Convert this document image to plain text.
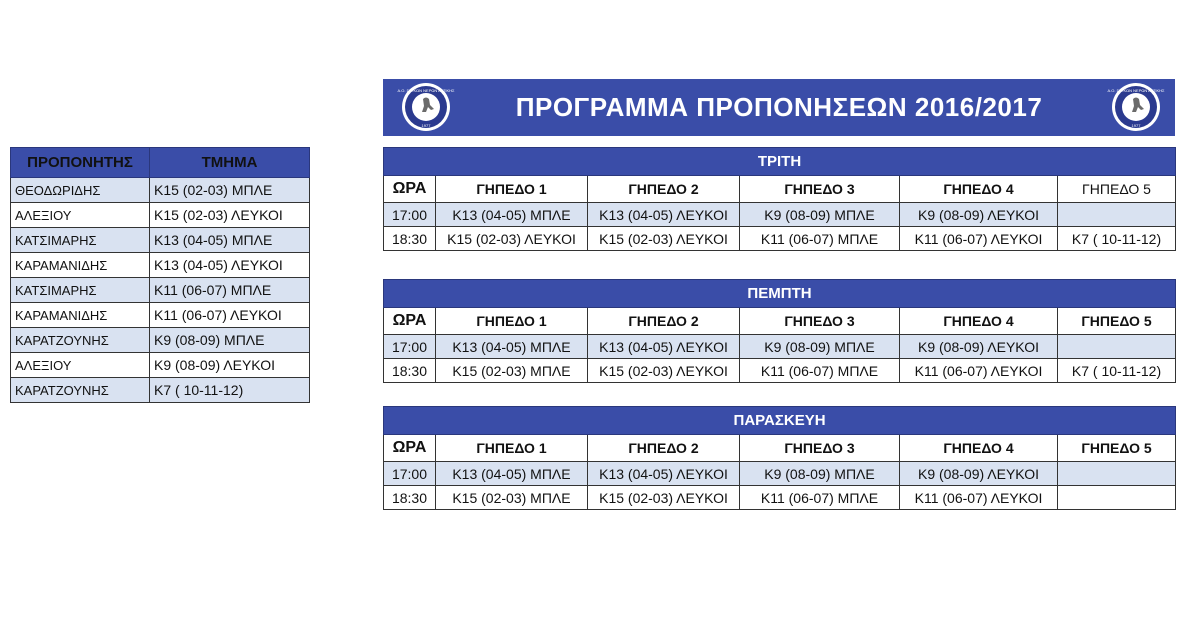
ΠΡΟΠΟΝΗΤΗΣ	ΤΜΗΜΑ
ΘΕΟΔΩΡΙΔΗΣ	Κ15 (02-03) ΜΠΛΕ
ΑΛΕΞΙΟΥ	Κ15 (02-03) ΛΕΥΚΟΙ
ΚΑΤΣΙΜΑΡΗΣ	Κ13 (04-05) ΜΠΛΕ
ΚΑΡΑΜΑΝΙΔΗΣ	Κ13 (04-05) ΛΕΥΚΟΙ
ΚΑΤΣΙΜΑΡΗΣ	Κ11 (06-07) ΜΠΛΕ
ΚΑΡΑΜΑΝΙΔΗΣ	Κ11 (06-07) ΛΕΥΚΟΙ
ΚΑΡΑΤΖΟΥΝΗΣ	Κ9 (08-09) ΜΠΛΕ
ΑΛΕΞΙΟΥ	Κ9 (08-09) ΛΕΥΚΟΙ
ΚΑΡΑΤΖΟΥΝΗΣ	Κ7 ( 10-11-12)
ΠΡΟΓΡΑΜΜΑ ΠΡΟΠΟΝΗΣΕΩΝ 2016/2017
Α.Ο. ΓΛΥΚΩΝ ΝΕΡΩΝ ΑΤΤΙΚΗΣ
1977
Α.Ο. ΓΛΥΚΩΝ ΝΕΡΩΝ ΑΤΤΙΚΗΣ
1977
ΤΡΙΤΗ					
ΩΡΑ	ΓΗΠΕΔΟ 1	ΓΗΠΕΔΟ 2	ΓΗΠΕΔΟ 3	ΓΗΠΕΔΟ 4	ΓΗΠΕΔΟ 5
17:00	Κ13 (04-05) ΜΠΛΕ	Κ13 (04-05) ΛΕΥΚΟΙ	Κ9 (08-09) ΜΠΛΕ	Κ9 (08-09) ΛΕΥΚΟΙ	
18:30	Κ15 (02-03) ΛΕΥΚΟΙ	Κ15 (02-03) ΛΕΥΚΟΙ	Κ11 (06-07) ΜΠΛΕ	Κ11 (06-07) ΛΕΥΚΟΙ	Κ7 ( 10-11-12)
ΠΕΜΠΤΗ					
ΩΡΑ	ΓΗΠΕΔΟ 1	ΓΗΠΕΔΟ 2	ΓΗΠΕΔΟ 3	ΓΗΠΕΔΟ 4	ΓΗΠΕΔΟ 5
17:00	Κ13 (04-05) ΜΠΛΕ	Κ13 (04-05) ΛΕΥΚΟΙ	Κ9 (08-09) ΜΠΛΕ	Κ9 (08-09) ΛΕΥΚΟΙ	
18:30	Κ15 (02-03) ΜΠΛΕ	Κ15 (02-03) ΛΕΥΚΟΙ	Κ11 (06-07) ΜΠΛΕ	Κ11 (06-07) ΛΕΥΚΟΙ	Κ7 ( 10-11-12)
ΠΑΡΑΣΚΕΥΗ					
ΩΡΑ	ΓΗΠΕΔΟ 1	ΓΗΠΕΔΟ 2	ΓΗΠΕΔΟ 3	ΓΗΠΕΔΟ 4	ΓΗΠΕΔΟ 5
17:00	Κ13 (04-05) ΜΠΛΕ	Κ13 (04-05) ΛΕΥΚΟΙ	Κ9 (08-09) ΜΠΛΕ	Κ9 (08-09) ΛΕΥΚΟΙ	
18:30	Κ15 (02-03) ΜΠΛΕ	Κ15 (02-03) ΛΕΥΚΟΙ	Κ11 (06-07) ΜΠΛΕ	Κ11 (06-07) ΛΕΥΚΟΙ	
